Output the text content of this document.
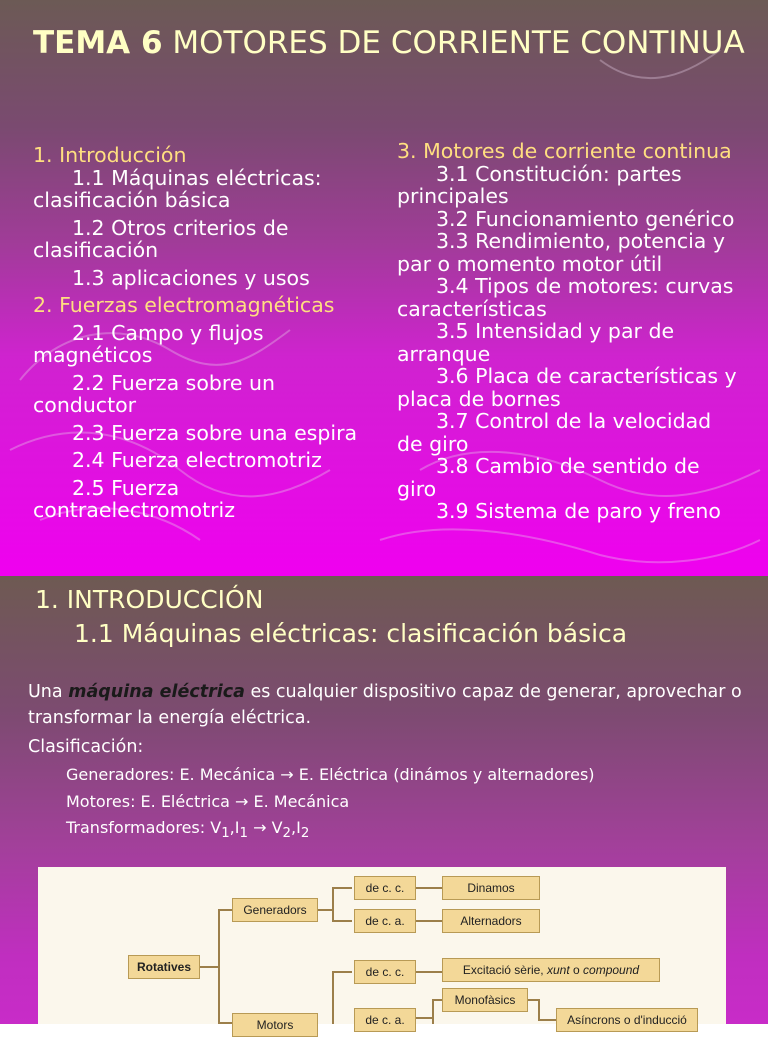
TEMA 6 MOTORES DE CORRIENTE CONTINUA
1. Introducción
1.1 Máquinas eléctricas: clasificación básica
1.2 Otros criterios de clasificación
1.3 aplicaciones y usos
2. Fuerzas electromagnéticas
2.1 Campo y flujos magnéticos
2.2 Fuerza sobre un conductor
2.3 Fuerza sobre una espira
2.4 Fuerza electromotriz
2.5 Fuerza contraelectromotriz
3. Motores de corriente continua
3.1 Constitución: partes principales
3.2 Funcionamiento genérico
3.3 Rendimiento, potencia y par o momento motor útil
3.4 Tipos de motores: curvas características
3.5 Intensidad y par de arranque
3.6 Placa de características y placa de bornes
3.7 Control de la velocidad de giro
3.8 Cambio de sentido de giro
3.9 Sistema de paro y freno
1. INTRODUCCIÓN
1.1 Máquinas eléctricas: clasificación básica
Una máquina eléctrica es cualquier dispositivo capaz de generar, aprovechar o transformar la energía eléctrica.
Clasificación:
Generadores: E. Mecánica → E. Eléctrica (dinámos y alternadores)
Motores: E. Eléctrica → E. Mecánica
Transformadores: $V_1,I_1 \to V_2,I_2$
Rotatives
Generadors
Motors
de c. c.
de c. a.
de c. c.
de c. a.
Dinamos
Alternadors
Excitació sèrie, xunt o compound
Monofàsics
Asíncrons o d'inducció
